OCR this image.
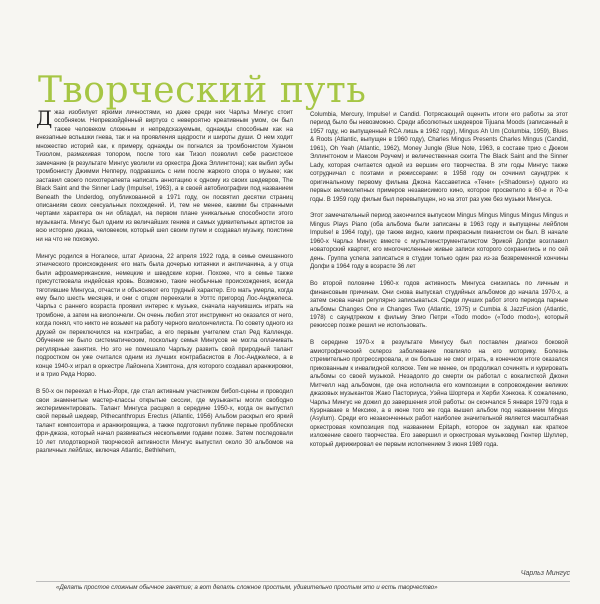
Творческий путь

Джаз изобилует яркими личностями, но даже среди них Чарльз Мингус стоит особняком. Непревзойдённый виртуоз с невероятно креативным умом, он был также человеком сложным и непредсказуемым, однажды способным как на внезапные вспышки гнева, так и на проявления щедрости и широты души. О нем ходит множество историй как, к примеру, однажды он погнался за тромбонистом Хуаном Тизолом, размахивая топором, после того как Тизол позволил себе расистское замечание (в результате Мингус уволили из оркестра Дюка Эллингтона); как выбил зубы тромбонисту Джимми Непперу, подравшись с ним после жаркого спора о музыке; как заставил своего психотерапевта написать аннотацию к одному из своих шедевров, The Black Saint and the Sinner Lady (Impulse!, 1963), а в своей автобиографии под названием Beneath the Underdog, опубликованной в 1971 году, он посвятил десятки страниц описаниям своих сексуальных похождений. И, тем не менее, какими бы странными чертами характера он ни обладал, на первом плане уникальные способности этого музыканта. Мингус был одним из величайших гениев и самых удивительных артистов за всю историю джаза, человеком, который шел своим путем и создавал музыку, поистине ни на что не похожую.

Мингус родился в Ногалесе, штат Аризона, 22 апреля 1922 года, в семье смешанного этнического происхождения: его мать была дочерью китаянки и англичанина, а у отца были афроамериканские, немецкие и шведские корни. Похоже, что в семье также присутствовала индейская кровь. Возможно, такие необычные происхождения, всегда тяготившие Мингуса, отчасти и объясняют его трудный характер. Его мать умерла, когда ему было шесть месяцев, и они с отцом переехали в Уоттс пригород Лос-Анджелеса. Чарльз с раннего возраста проявил интерес к музыке, сначала научившись играть на тромбоне, а затем на виолончели. Он очень любил этот инструмент но оказался от него, когда понял, что никто не возьмет на работу черного виолончелиста. По совету одного из друзей он переключился на контрабас, а его первым учителем стал Ред Калленде. Обучение не было систематическим, поскольку семья Мингусов не могла оплачивать регулярные занятия. Но это не помешало Чарльзу развить свой природный талант подростком он уже считался одним из лучших контрабасистов в Лос-Анджелесе, а в конце 1940-х играл в оркестре Лайонела Хэмптона, для которого создавал аранжировки, и в трио Реда Норво.

В 50-х он переехал в Нью-Йорк, где стал активным участником бибоп-сцены и проводил свои знаменитые мастер-классы открытые сессии, где музыканты могли свободно экспериментировать. Талант Мингуса расцвел в середине 1950-х, когда он выпустил свой первый шедевр, Pithecanthropus Erectus (Atlantic, 1956) Альбом раскрыл его яркий талант композитора и аранжировщика, а также подготовил публике первые пробблески фри-джаза, который начал развиваться несколькими годами позже. Затем последовали 10 лет плодотворной творческой активности Мингус выпустил около 30 альбомов на различных лейблах, включая Atlantic, Bethlehem,

Columbia, Mercury, Impulse! и Candid. Потрясающий оценить итоги его работы за этот период было бы невозможно. Среди абсолютных шедевров Tijuana Moods (записанный в 1957 году, но выпущенный RCA лишь в 1962 году), Mingus Ah Um (Columbia, 1959), Blues & Roots (Atlantic, выпущен в 1960 году), Charles Mingus Presents Charles Mingus (Candid, 1961), Oh Yeah (Atlantic, 1962), Money Jungle (Blue Note, 1963, в составе трио с Дюком Эллингтоном и Максом Роучем) и величественная сюита The Black Saint and the Sinner Lady, которая считается одной из вершин его творчества. В эти годы Мингус также сотрудничал с поэтами и режиссерами: в 1958 году он сочинил саундтрек к оригинальному первому фильма Джона Кассаветиса «Тени» («Shadows») одного из первых великолепных примеров независимого кино, которое просветило в 60-е и 70-е годы. В 1959 году фильм был перевыпущен, но на этот раз уже без музыки Мингуса.

Этот замечательный период закончился выпуском Mingus Mingus Mingus Mingus Mingus и Mingus Plays Piano (оба альбома были записаны в 1963 году и выпущены лейблом Impulse! в 1964 году), где также видно, каким прекрасным пианистом он был. В начале 1960-х Чарльз Мингус вместе с мультиинструменталистом Эрикой Долфи возглавил новаторский квартет, его многочисленные живые записи которого сохранились и по сей день. Группа успела записаться в студии только один раз из-за безвременной кончины Долфи в 1964 году в возрасте 36 лет

Во второй половине 1960-х годов активность Мингуса снизилась по личным и финансовым причинам. Они снова выпускал студийных альбомов до начала 1970-х, а затем снова начал регулярно записываться. Среди лучших работ этого периода парные альбомы Changes One и Changes Two (Atlantic, 1975) и Cumbia & JazzFusion (Atlantic, 1978) с саундтреком к фильму Элио Петри «Todo modo» («Todo modo»), который режиссер позже решил не использовать.

В середине 1970-х в результате Мингусу был поставлен диагноз боковой амиотрофический склероз заболевание повлияло на его моторику. Болезнь стремительно прогрессировала, и он больше не смог играть, в конечном итоге оказался прикованным к инвалидной коляске. Тем не менее, он продолжал сочинять и курировать альбомы со своей музыкой. Незадолго до смерти он работал с вокалисткой Джони Митчелл над альбомом, где она исполнила его композиции в сопровождении великих джазовых музыкантов Жако Пасториуса, Уэйна Шортера и Херби Хэнкока. К сожалению, Чарльз Мингус не дожил до завершения этой работы: он скончался 5 января 1979 года в Куэрнаваке в Мексике, а в июне того же года вышел альбом под названием Mingus (Asylum). Среди его незаконченных работ наиболее значительной является масштабная оркестровая композиция под названием Epitaph, которое он задумал как краткое изложение своего творчества. Его завершил и оркестровая музыковед Гюнтер Шуллер, который дирижировал ее первым исполнением 3 июня 1989 года.

Чарльз Мингус
«Делать простое сложным обычное занятие; а вот делать сложное простым, удивительно простым это и есть творчество»
